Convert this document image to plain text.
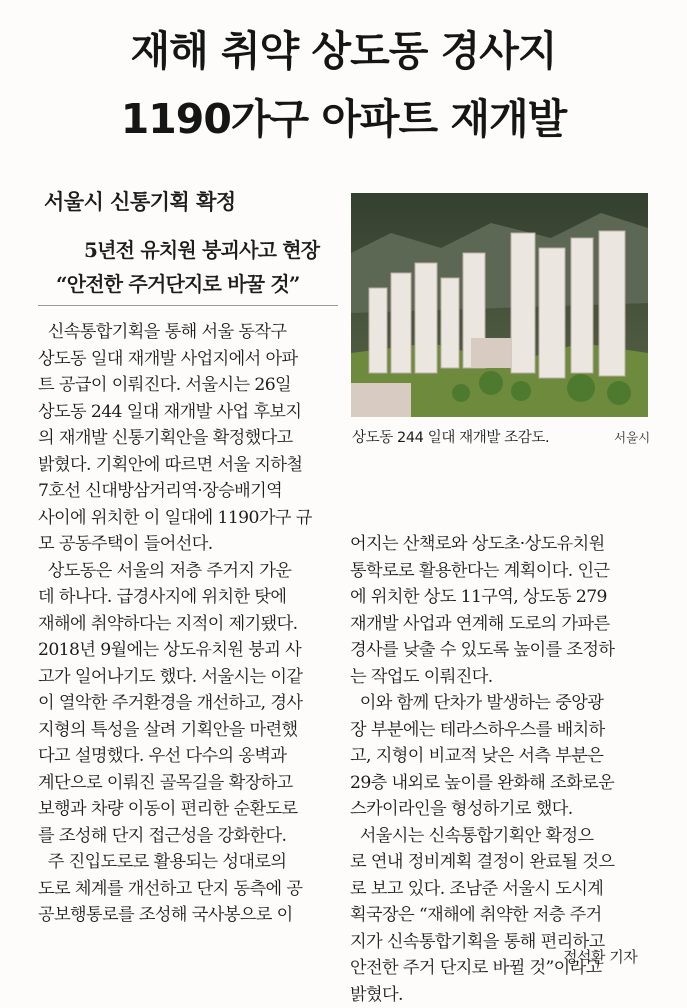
재해 취약 상도동 경사지
1190가구 아파트 재개발
서울시 신통기획 확정
5년전 유치원 붕괴사고 현장
“안전한 주거단지로 바꿀 것”
상도동 244 일대 재개발 조감도.	서울시

신속통합기획을 통해 서울 동작구

상도동 일대 재개발 사업지에서 아파

트 공급이 이뤄진다. 서울시는 26일

상도동 244 일대 재개발 사업 후보지

의 재개발 신통기획안을 확정했다고

밝혔다. 기획안에 따르면 서울 지하철

7호선 신대방삼거리역·장승배기역

사이에 위치한 이 일대에 1190가구 규

모 공동주택이 들어선다.

상도동은 서울의 저층 주거지 가운

데 하나다. 급경사지에 위치한 탓에

재해에 취약하다는 지적이 제기됐다.

2018년 9월에는 상도유치원 붕괴 사

고가 일어나기도 했다. 서울시는 이같

이 열악한 주거환경을 개선하고, 경사

지형의 특성을 살려 기획안을 마련했

다고 설명했다. 우선 다수의 옹벽과

계단으로 이뤄진 골목길을 확장하고

보행과 차량 이동이 편리한 순환도로

를 조성해 단지 접근성을 강화한다.

주 진입도로로 활용되는 성대로의

도로 체계를 개선하고 단지 동측에 공

공보행통로를 조성해 국사봉으로 이

어지는 산책로와 상도초·상도유치원

통학로로 활용한다는 계획이다. 인근

에 위치한 상도 11구역, 상도동 279

재개발 사업과 연계해 도로의 가파른

경사를 낮출 수 있도록 높이를 조정하

는 작업도 이뤄진다.

이와 함께 단차가 발생하는 중앙광

장 부분에는 테라스하우스를 배치하

고, 지형이 비교적 낮은 서측 부분은

29층 내외로 높이를 완화해 조화로운

스카이라인을 형성하기로 했다.

서울시는 신속통합기획안 확정으

로 연내 정비계획 결정이 완료될 것으

로 보고 있다. 조남준 서울시 도시계

획국장은 “재해에 취약한 저층 주거

지가 신속통합기획을 통해 편리하고

안전한 주거 단지로 바뀔 것”이라고

밝혔다.

정석환 기자
